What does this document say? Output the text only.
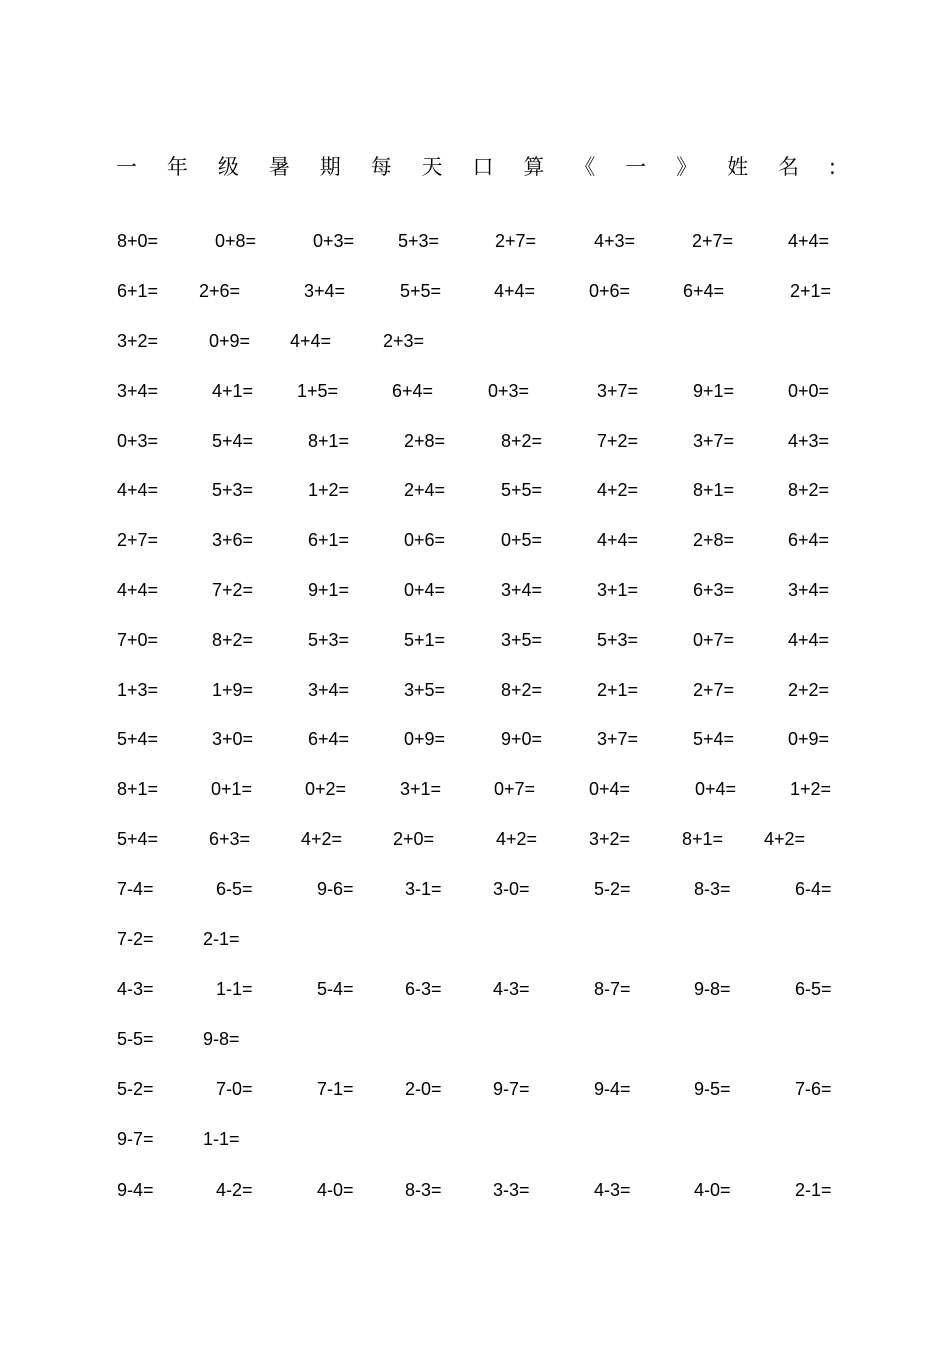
一 年 级 暑 期 每 天 口 算 《 一 》 姓 名 :
8+0=	0+8=	0+3= 5+3=	2+7=	4+3=	2+7=	4+4=
6+1= 2+6=	3+4=	5+5=	4+4=	0+6=	6+4=	2+1=
3+2=	0+9= 4+4=	2+3=
3+4=	4+1= 1+5=	6+4=	0+3=	3+7=	9+1=	0+0=
0+3=	5+4=	8+1=	2+8=	8+2=	7+2=	3+7=	4+3=
4+4=	5+3=	1+2=	2+4=	5+5=	4+2=	8+1=	8+2=
2+7=	3+6=	6+1=	0+6=	0+5=	4+4=	2+8=	6+4=
4+4=	7+2=	9+1=	0+4=	3+4=	3+1=	6+3=	3+4=
7+0=	8+2=	5+3=	5+1=	3+5=	5+3=	0+7=	4+4=
1+3=	1+9=	3+4=	3+5=	8+2=	2+1=	2+7=	2+2=
5+4=	3+0=	6+4=	0+9=	9+0=	3+7=	5+4=	0+9=
8+1=	0+1=	0+2=	3+1=	0+7=	0+4=	0+4=	1+2=
5+4=	6+3=	4+2=	2+0=	4+2=	3+2=	8+1= 4+2=
7-4=	6-5=	9-6=	3-1=	3-0=	5-2=	8-3=	6-4=
7-2=	2-1=
4-3=	1-1=	5-4=	6-3=	4-3=	8-7=	9-8=	6-5=
5-5=	9-8=
5-2=	7-0=	7-1=	2-0=	9-7=	9-4=	9-5=	7-6=
9-7=	1-1=
9-4=	4-2=	4-0=	8-3=	3-3=	4-3=	4-0=	2-1=
